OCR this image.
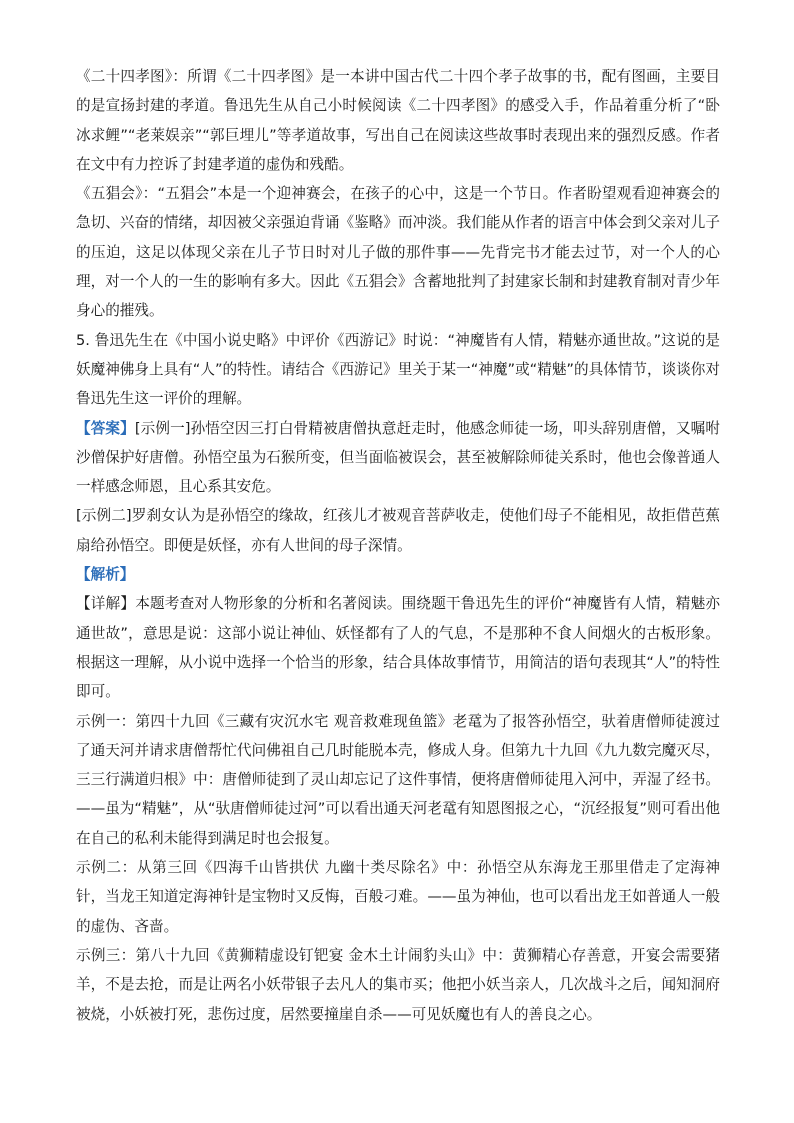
《二十四孝图》：所谓《二十四孝图》是一本讲中国古代二十四个孝子故事的书，配有图画，主要目的是宣扬封建的孝道。鲁迅先生从自己小时候阅读《二十四孝图》的感受入手，作品着重分析了“卧冰求鲤”“老莱娱亲”“郭巨埋儿”等孝道故事，写出自己在阅读这些故事时表现出来的强烈反感。作者在文中有力控诉了封建孝道的虚伪和残酷。

《五猖会》：“五猖会”本是一个迎神赛会，在孩子的心中，这是一个节日。作者盼望观看迎神赛会的急切、兴奋的情绪，却因被父亲强迫背诵《鉴略》而冲淡。我们能从作者的语言中体会到父亲对儿子的压迫，这足以体现父亲在儿子节日时对儿子做的那件事——先背完书才能去过节，对一个人的心理，对一个人的一生的影响有多大。因此《五猖会》含蓄地批判了封建家长制和封建教育制对青少年身心的摧残。

5. 鲁迅先生在《中国小说史略》中评价《西游记》时说：“神魔皆有人情，精魅亦通世故。”这说的是妖魔神佛身上具有“人”的特性。请结合《西游记》里关于某一“神魔”或“精魅”的具体情节，谈谈你对鲁迅先生这一评价的理解。

【答案】[示例一]孙悟空因三打白骨精被唐僧执意赶走时，他感念师徒一场，叩头辞别唐僧，又嘱咐沙僧保护好唐僧。孙悟空虽为石猴所变，但当面临被误会，甚至被解除师徒关系时，他也会像普通人一样感念师恩，且心系其安危。

[示例二]罗刹女认为是孙悟空的缘故，红孩儿才被观音菩萨收走，使他们母子不能相见，故拒借芭蕉扇给孙悟空。即便是妖怪，亦有人世间的母子深情。

【解析】

【详解】本题考查对人物形象的分析和名著阅读。围绕题干鲁迅先生的评价“神魔皆有人情，精魅亦通世故”，意思是说：这部小说让神仙、妖怪都有了人的气息，不是那种不食人间烟火的古板形象。 根据这一理解，从小说中选择一个恰当的形象，结合具体故事情节，用简洁的语句表现其“人”的特性即可。

示例一：第四十九回《三藏有灾沉水宅 观音救难现鱼篮》老鼋为了报答孙悟空，驮着唐僧师徒渡过了通天河并请求唐僧帮忙代问佛祖自己几时能脱本壳，修成人身。但第九十九回《九九数完魔灭尽，三三行满道归根》中：唐僧师徒到了灵山却忘记了这件事情，便将唐僧师徒甩入河中，弄湿了经书。——虽为“精魅”，从“驮唐僧师徒过河”可以看出通天河老鼋有知恩图报之心，“沉经报复”则可看出他在自己的私利未能得到满足时也会报复。

示例二：从第三回《四海千山皆拱伏 九幽十类尽除名》中：孙悟空从东海龙王那里借走了定海神针，当龙王知道定海神针是宝物时又反悔，百般刁难。——虽为神仙，也可以看出龙王如普通人一般的虚伪、吝啬。

示例三：第八十九回《黄狮精虚设钉钯宴 金木土计闹豹头山》中：黄狮精心存善意，开宴会需要猪羊，不是去抢，而是让两名小妖带银子去凡人的集市买；他把小妖当亲人，几次战斗之后，闻知洞府被烧，小妖被打死，悲伤过度，居然要撞崖自杀——可见妖魔也有人的善良之心。
